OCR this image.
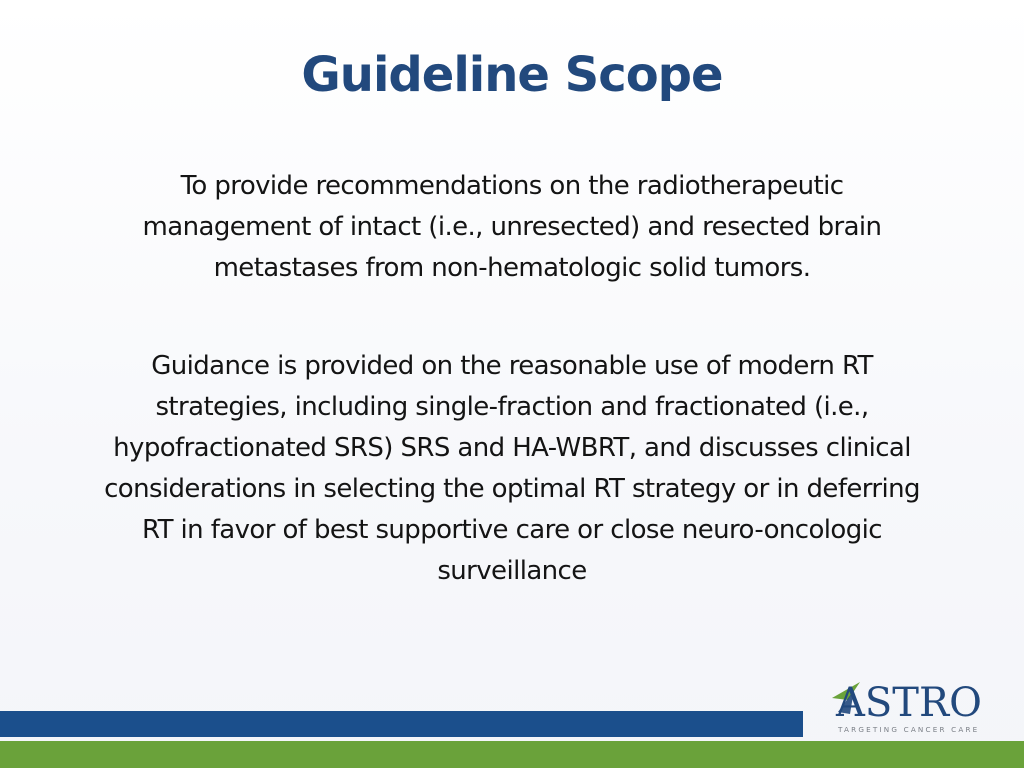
Guideline Scope
To provide recommendations on the radiotherapeutic
management of intact (i.e., unresected) and resected brain
metastases from non-hematologic solid tumors.
Guidance is provided on the reasonable use of modern RT
strategies, including single-fraction and fractionated (i.e.,
hypofractionated SRS) SRS and HA-WBRT, and discusses clinical
considerations in selecting the optimal RT strategy or in deferring
RT in favor of best supportive care or close neuro-oncologic
surveillance
ASTRO
TARGETING CANCER CARE
